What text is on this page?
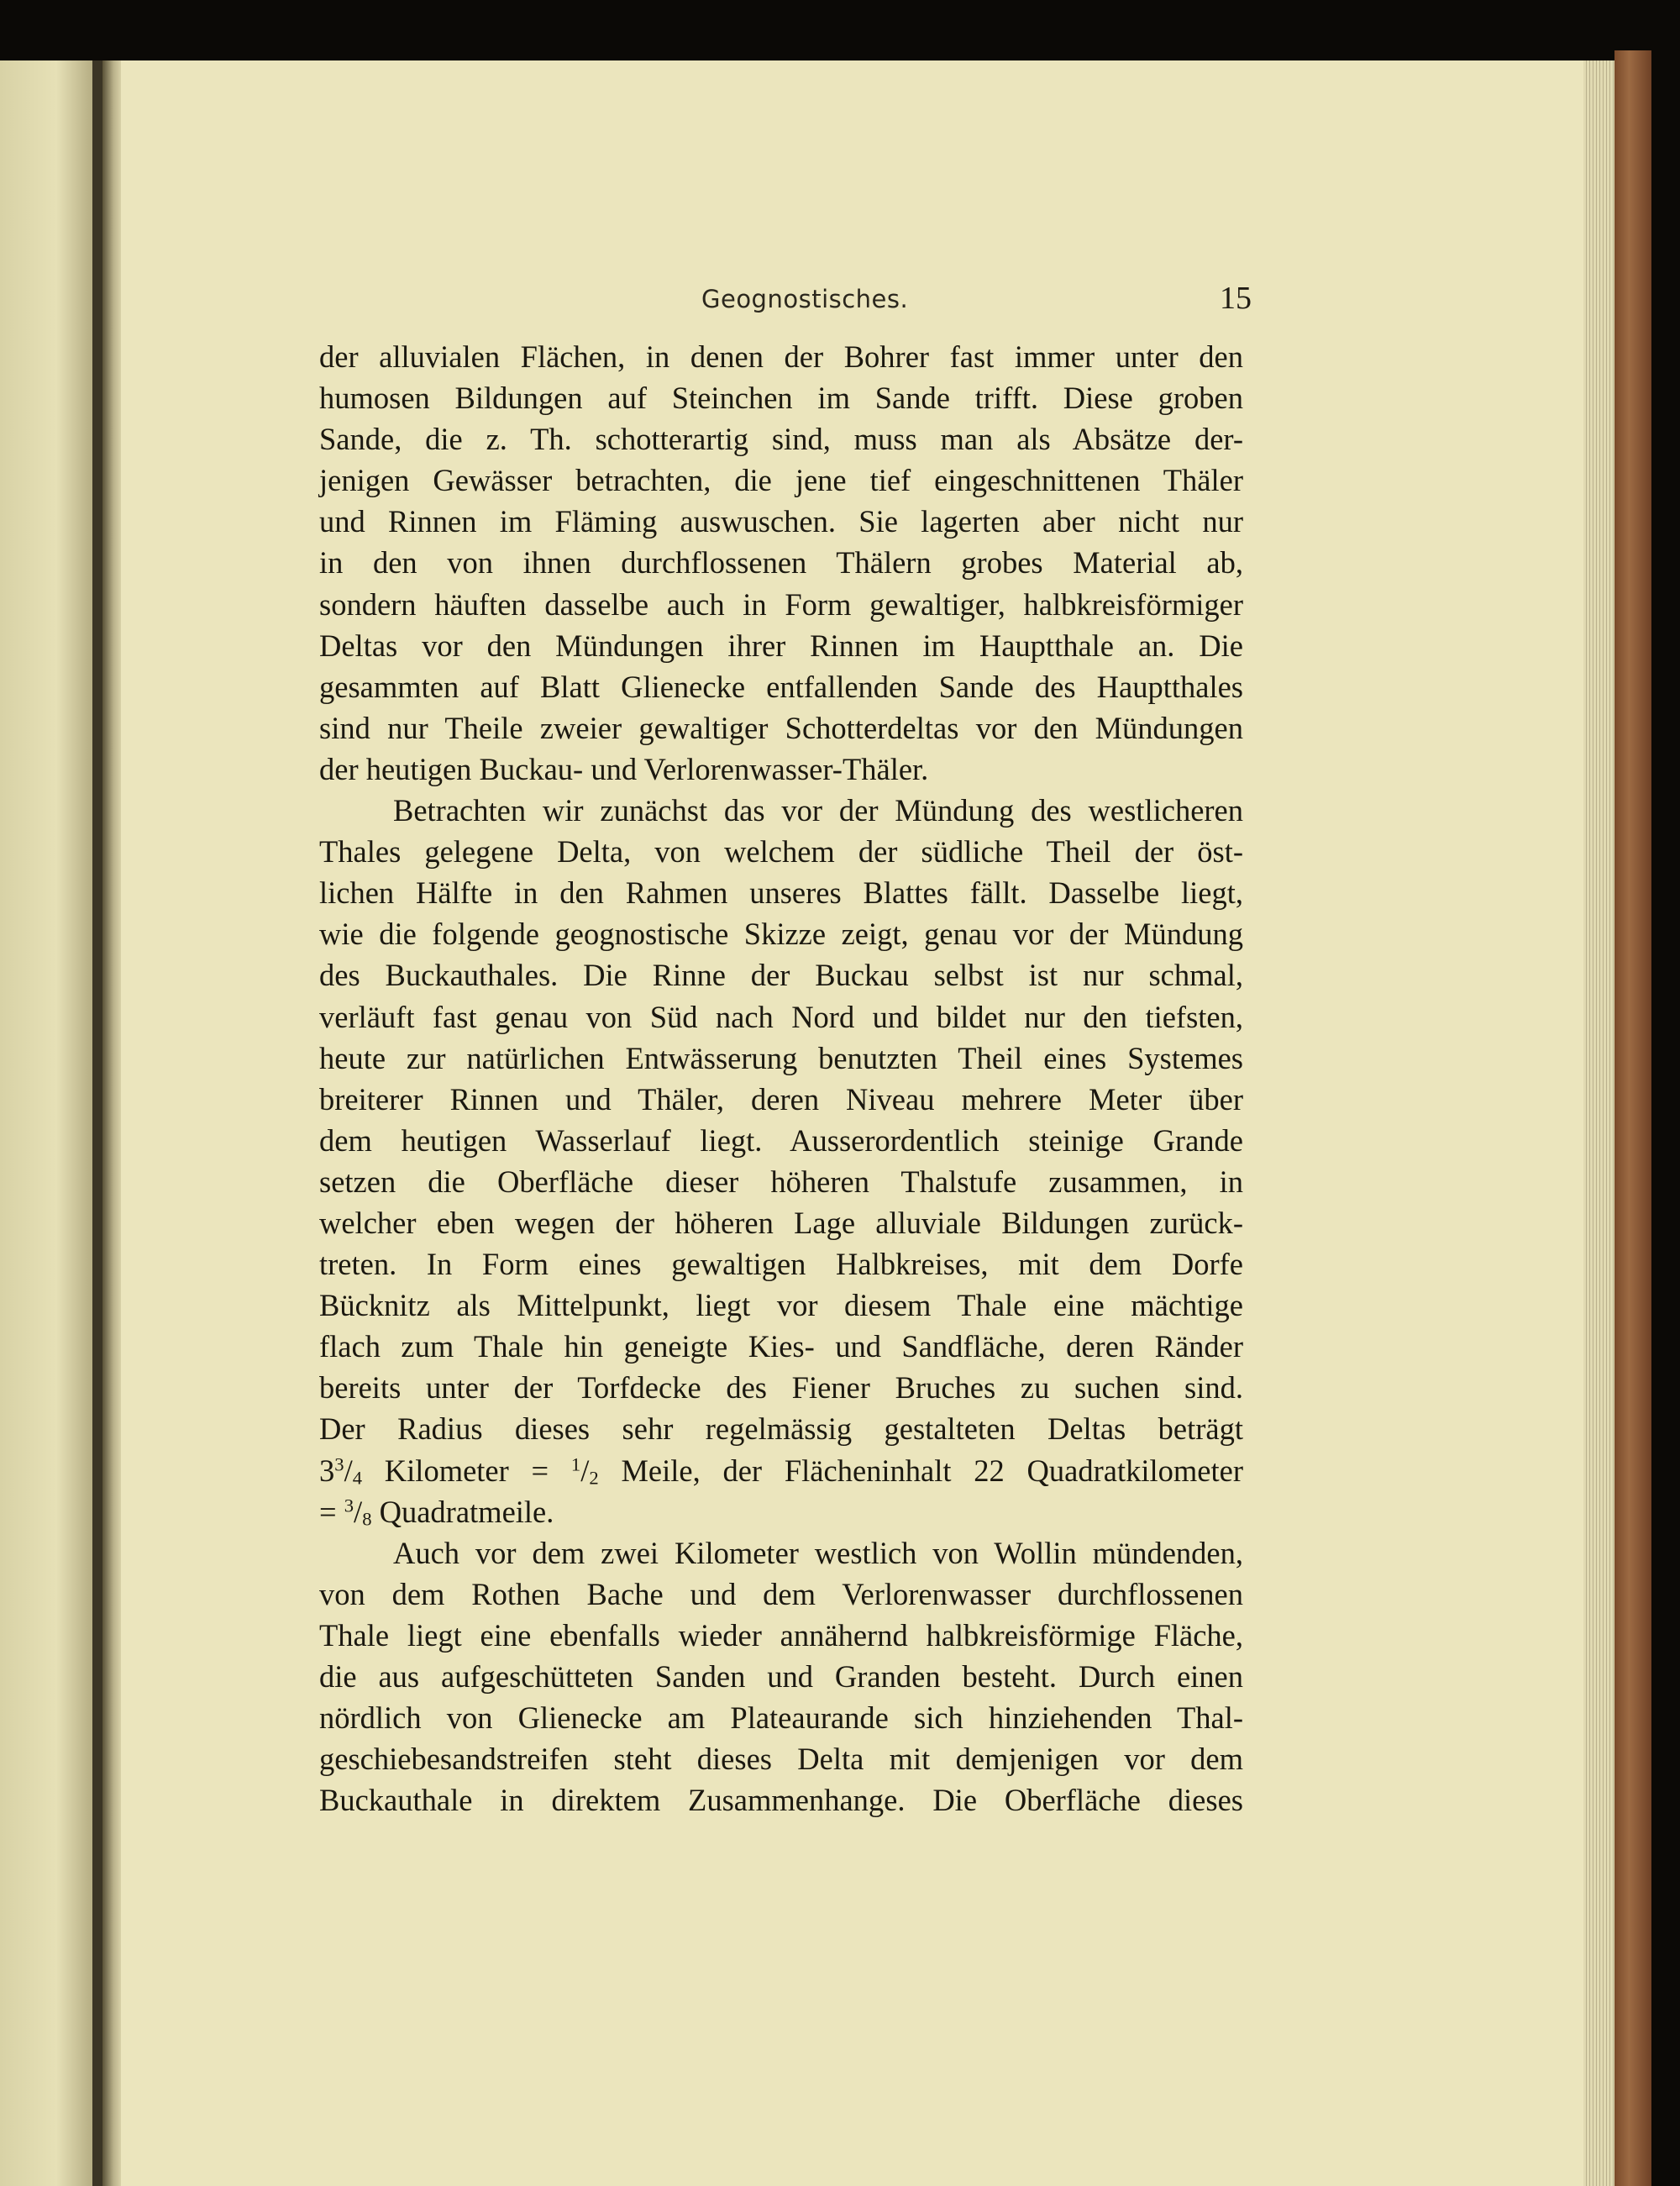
Geognostisches.	15
der alluvialen Flächen, in denen der Bohrer fast immer unter den
humosen Bildungen auf Steinchen im Sande trifft. Diese groben
Sande, die z. Th. schotterartig sind, muss man als Absätze der-
jenigen Gewässer betrachten, die jene tief eingeschnittenen Thäler
und Rinnen im Fläming auswuschen. Sie lagerten aber nicht nur
in den von ihnen durchflossenen Thälern grobes Material ab,
sondern häuften dasselbe auch in Form gewaltiger, halbkreisförmiger
Deltas vor den Mündungen ihrer Rinnen im Hauptthale an. Die
gesammten auf Blatt Glienecke entfallenden Sande des Hauptthales
sind nur Theile zweier gewaltiger Schotterdeltas vor den Mündungen
der heutigen Buckau- und Verlorenwasser-Thäler.
Betrachten wir zunächst das vor der Mündung des westlicheren
Thales gelegene Delta, von welchem der südliche Theil der öst-
lichen Hälfte in den Rahmen unseres Blattes fällt. Dasselbe liegt,
wie die folgende geognostische Skizze zeigt, genau vor der Mündung
des Buckauthales. Die Rinne der Buckau selbst ist nur schmal,
verläuft fast genau von Süd nach Nord und bildet nur den tiefsten,
heute zur natürlichen Entwässerung benutzten Theil eines Systemes
breiterer Rinnen und Thäler, deren Niveau mehrere Meter über
dem heutigen Wasserlauf liegt. Ausserordentlich steinige Grande
setzen die Oberfläche dieser höheren Thalstufe zusammen, in
welcher eben wegen der höheren Lage alluviale Bildungen zurück-
treten. In Form eines gewaltigen Halbkreises, mit dem Dorfe
Bücknitz als Mittelpunkt, liegt vor diesem Thale eine mächtige
flach zum Thale hin geneigte Kies- und Sandfläche, deren Ränder
bereits unter der Torfdecke des Fiener Bruches zu suchen sind.
Der Radius dieses sehr regelmässig gestalteten Deltas beträgt
$3^3/4$ Kilometer = $^1$/2 Meile, der Flächeninhalt 22 Quadratkilometer
= $^3$/8 Quadratmeile.
Auch vor dem zwei Kilometer westlich von Wollin mündenden,
von dem Rothen Bache und dem Verlorenwasser durchflossenen
Thale liegt eine ebenfalls wieder annähernd halbkreisförmige Fläche,
die aus aufgeschütteten Sanden und Granden besteht. Durch einen
nördlich von Glienecke am Plateaurande sich hinziehenden Thal-
geschiebesandstreifen steht dieses Delta mit demjenigen vor dem
Buckauthale in direktem Zusammenhange. Die Oberfläche dieses
